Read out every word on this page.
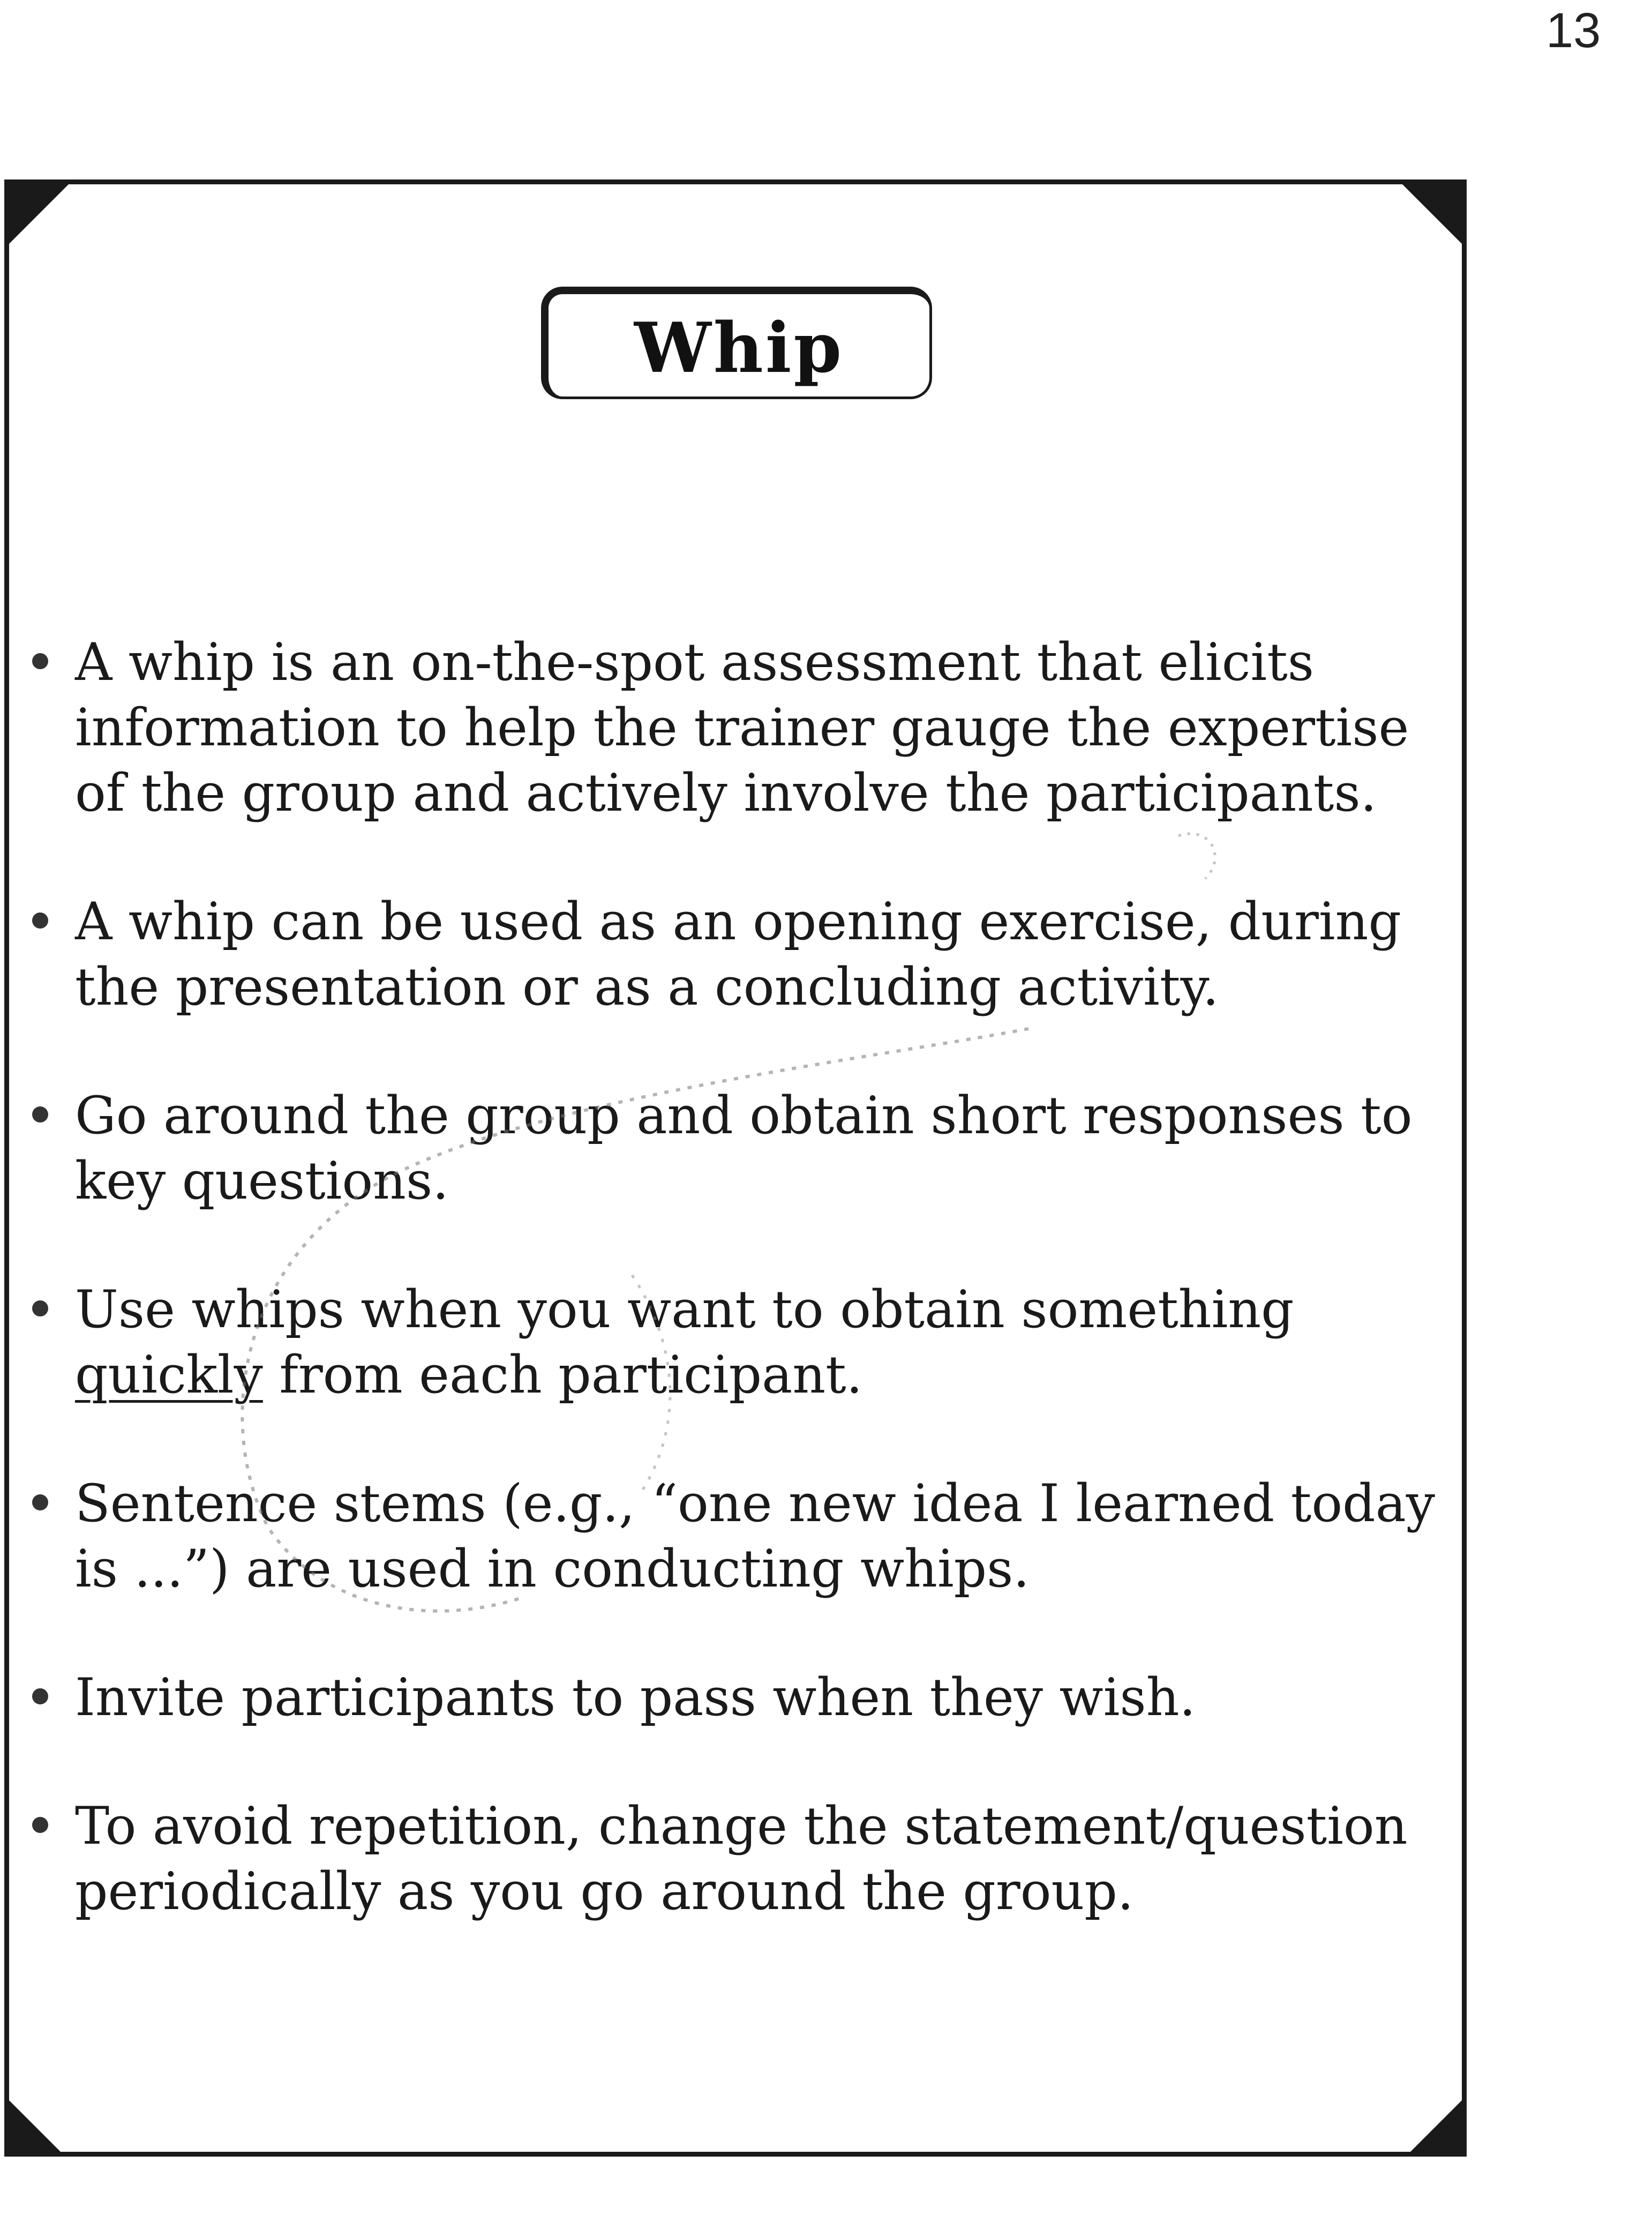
13
Whip
A whip is an on-the-spot assessment that elicits information to help the trainer gauge the expertise of the group and actively involve the participants.
A whip can be used as an opening exercise, during the presentation or as a concluding activity.
Go around the group and obtain short responses to key questions.
Use whips when you want to obtain something quickly from each participant.
Sentence stems (e.g., “one new idea I learned today is ...”) are used in conducting whips.
Invite participants to pass when they wish.
To avoid repetition, change the statement/question periodically as you go around the group.
